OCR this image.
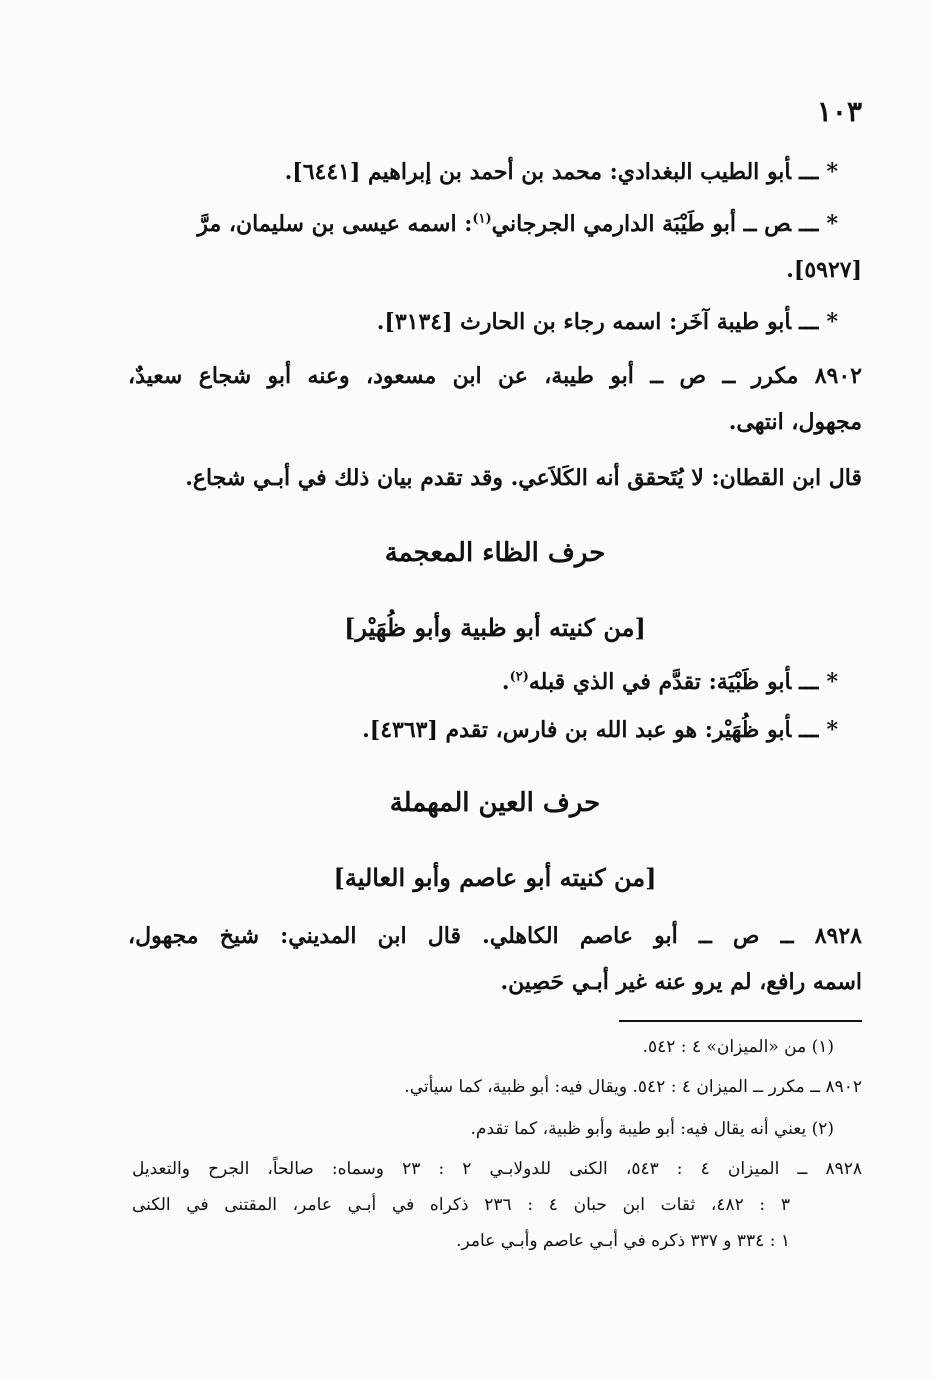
١٠٣
*ـــأبو الطيب البغدادي: محمد بن أحمد بن إبراهيم [٦٤٤١].
*ـــص ــ أبو طَيْبَة الدارمي الجرجاني$^{(١)}$: اسمه عيسى بن سليمان، مرَّ
[٥٩٢٧].
*ـــأبو طيبة آخَر: اسمه رجاء بن الحارث [٣١٣٤].
٨٩٠٢ مكرر ــ ص ــ أبو طيبة، عن ابن مسعود، وعنه أبو شجاع سعيدٌ،
مجهول، انتهى.
قال ابن القطان: لا يُتَحقق أنه الكَلاَعي. وقد تقدم بيان ذلك في أبـي شجاع.
حرف الظاء المعجمة
[من كنيته أبو ظبية وأبو ظُهَيْر]
*ـــأبو ظَبْيَة: تقدَّم في الذي قبله$^{(٢)}$.
*ـــأبو ظُهَيْر: هو عبد الله بن فارس، تقدم [٤٣٦٣].
حرف العين المهملة
[من كنيته أبو عاصم وأبو العالية]
٨٩٢٨ ــ ص ــ أبو عاصم الكاهلي. قال ابن المديني: شيخ مجهول،
اسمه رافع، لم يرو عنه غير أبـي حَصِين.
(١) من «الميزان» ٤ : ٥٤٢.
٨٩٠٢ ــ مكرر ــ الميزان ٤ : ٥٤٢. ويقال فيه: أبو ظبية، كما سيأتي.
(٢) يعني أنه يقال فيه: أبو طيبة وأبو ظبية، كما تقدم.
٨٩٢٨ ــ الميزان ٤ : ٥٤٣، الكنى للدولابـي ٢ : ٢٣ وسماه: صالحاً، الجرح والتعديل
٣ : ٤٨٢، ثقات ابن حبان ٤ : ٢٣٦ ذكراه في أبـي عامر، المقتنى في الكنى
١ : ٣٣٤ و ٣٣٧ ذكره في أبـي عاصم وأبـي عامر.
